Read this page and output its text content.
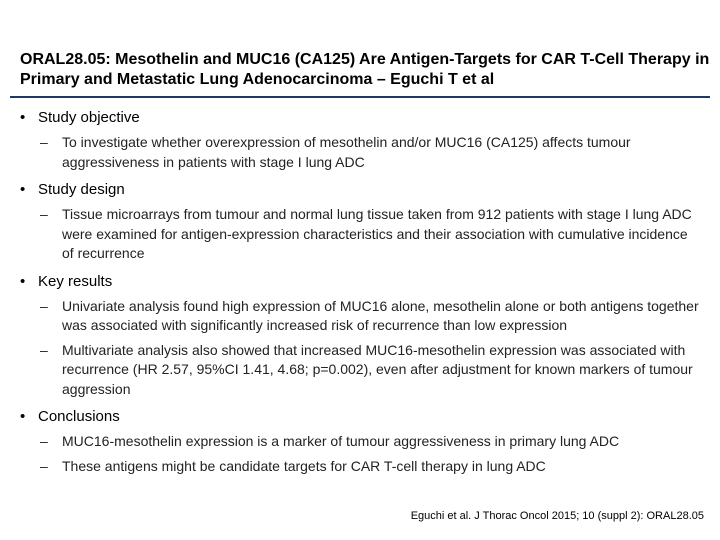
ORAL28.05: Mesothelin and MUC16 (CA125) Are Antigen-Targets for CAR T-Cell Therapy in Primary and Metastatic Lung Adenocarcinoma – Eguchi T et al
• Study objective
– To investigate whether overexpression of mesothelin and/or MUC16 (CA125) affects tumour aggressiveness in patients with stage I lung ADC
• Study design
– Tissue microarrays from tumour and normal lung tissue taken from 912 patients with stage I lung ADC were examined for antigen-expression characteristics and their association with cumulative incidence of recurrence
• Key results
– Univariate analysis found high expression of MUC16 alone, mesothelin alone or both antigens together was associated with significantly increased risk of recurrence than low expression
– Multivariate analysis also showed that increased MUC16-mesothelin expression was associated with recurrence (HR 2.57, 95%CI 1.41, 4.68; p=0.002), even after adjustment for known markers of tumour aggression
• Conclusions
– MUC16-mesothelin expression is a marker of tumour aggressiveness in primary lung ADC
– These antigens might be candidate targets for CAR T-cell therapy in lung ADC
Eguchi et al. J Thorac Oncol 2015; 10 (suppl 2): ORAL28.05
